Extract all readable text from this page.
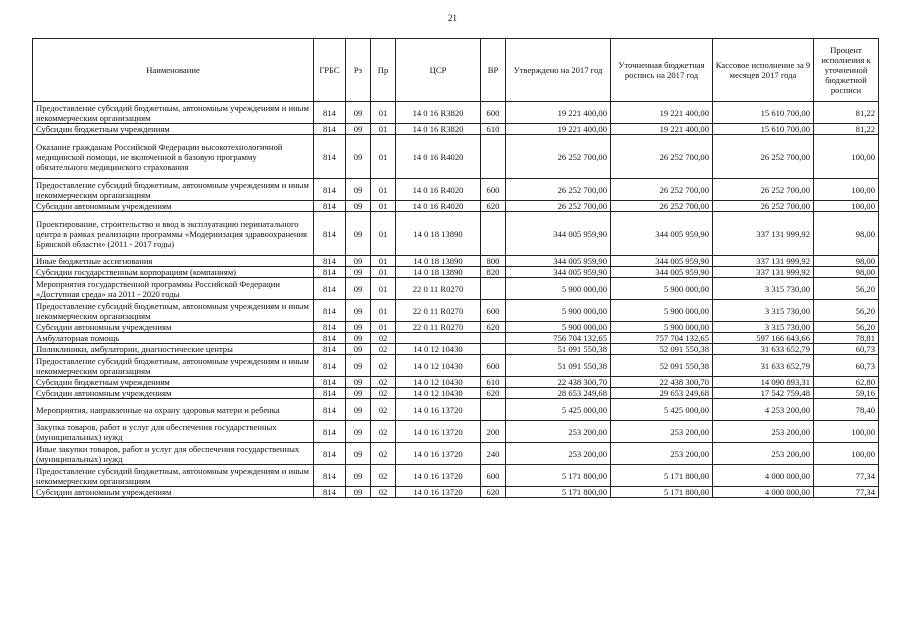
21
Наименование	ГРБС	Рз	Пр	ЦСР	ВР	Утверждено на 2017 год	Уточненная бюджетная роспись на 2017 год	Кассовое исполнение за 9 месяцев 2017 года	Процент исполнения к уточненной бюджетной росписи
Предоставление субсидий бюджетным, автономным учреждениям и иным некоммерческим организациям	814	09	01	14 0 16 R3820	600	19 221 400,00	19 221 400,00	15 610 700,00	81,22
Субсидии бюджетным учреждениям	814	09	01	14 0 16 R3820	610	19 221 400,00	19 221 400,00	15 610 700,00	81,22
Оказание гражданам Российской Федерации высокотехнологичной медицинской помощи, не включенной в базовую программу обязательного медицинского страхования	814	09	01	14 0 16 R4020		26 252 700,00	26 252 700,00	26 252 700,00	100,00
Предоставление субсидий бюджетным, автономным учреждениям и иным некоммерческим организациям	814	09	01	14 0 16 R4020	600	26 252 700,00	26 252 700,00	26 252 700,00	100,00
Субсидии автономным учреждениям	814	09	01	14 0 16 R4020	620	26 252 700,00	26 252 700,00	26 252 700,00	100,00
Проектирование, строительство и ввод в эксплуатацию перинатального центра в рамках реализации программы «Модернизация здравоохранения Брянской области» (2011 - 2017 годы)	814	09	01	14 0 18 13890		344 005 959,90	344 005 959,90	337 131 999,92	98,00
Иные бюджетные ассигнования	814	09	01	14 0 18 13890	800	344 005 959,90	344 005 959,90	337 131 999,92	98,00
Субсидии государственным корпорациям (компаниям)	814	09	01	14 0 18 13890	820	344 005 959,90	344 005 959,90	337 131 999,92	98,00
Мероприятия государственной программы Российской Федерации «Доступная среда» на 2011 - 2020 годы	814	09	01	22 0 11 R0270		5 900 000,00	5 900 000,00	3 315 730,00	56,20
Предоставление субсидий бюджетным, автономным учреждениям и иным некоммерческим организациям	814	09	01	22 0 11 R0270	600	5 900 000,00	5 900 000,00	3 315 730,00	56,20
Субсидии автономным учреждениям	814	09	01	22 0 11 R0270	620	5 900 000,00	5 900 000,00	3 315 730,00	56,20
Амбулаторная помощь	814	09	02			756 704 132,65	757 704 132,65	597 166 643,66	78,81
Поликлиники, амбулатории, диагностические центры	814	09	02	14 0 12 10430		51 091 550,38	52 091 550,38	31 633 652,79	60,73
Предоставление субсидий бюджетным, автономным учреждениям и иным некоммерческим организациям	814	09	02	14 0 12 10430	600	51 091 550,38	52 091 550,38	31 633 652,79	60,73
Субсидии бюджетным учреждениям	814	09	02	14 0 12 10430	610	22 438 300,70	22 438 300,70	14 090 893,31	62,80
Субсидии автономным учреждениям	814	09	02	14 0 12 10430	620	28 653 249,68	29 653 249,68	17 542 759,48	59,16
Мероприятия, направленные на охрану здоровья матери и ребенка	814	09	02	14 0 16 13720		5 425 000,00	5 425 000,00	4 253 200,00	78,40
Закупка товаров, работ и услуг для обеспечения государственных (муниципальных) нужд	814	09	02	14 0 16 13720	200	253 200,00	253 200,00	253 200,00	100,00
Иные закупки товаров, работ и услуг для обеспечения государственных (муниципальных) нужд	814	09	02	14 0 16 13720	240	253 200,00	253 200,00	253 200,00	100,00
Предоставление субсидий бюджетным, автономным учреждениям и иным некоммерческим организациям	814	09	02	14 0 16 13720	600	5 171 800,00	5 171 800,00	4 000 000,00	77,34
Субсидии автономным учреждениям	814	09	02	14 0 16 13720	620	5 171 800,00	5 171 800,00	4 000 000,00	77,34
